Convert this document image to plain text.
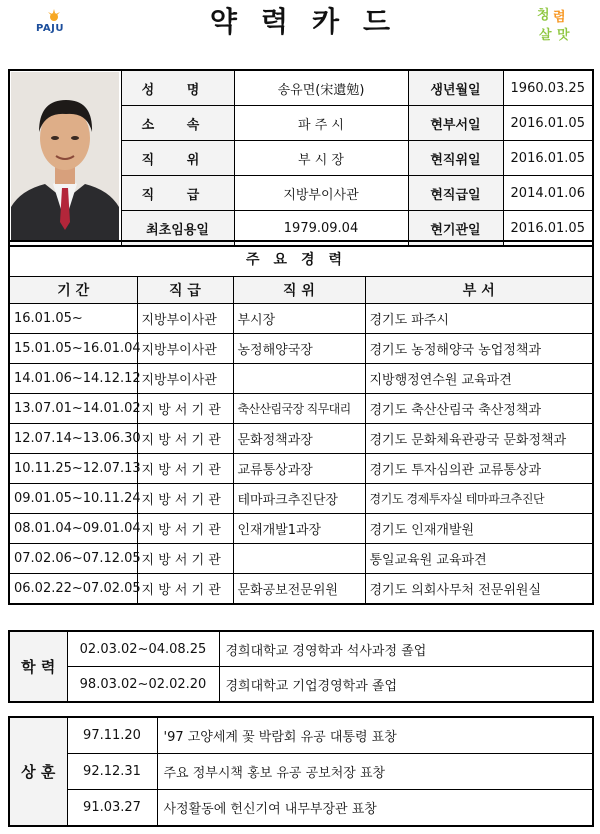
PAJU	약력카드	청 렴
살 맛
	성 명	송유면(宋遺勉)	생년월일	1960.03.25
	소 속	파 주 시	현부서일	2016.01.05
	직 위	부 시 장	현직위일	2016.01.05
	직 급	지방부이사관	현직급일	2014.01.06
	최초임용일	1979.09.04	현기관일	2016.01.05
주요경력			
기 간	직 급	직 위	부 서
16.01.05~	지방부이사관	부시장	경기도 파주시
15.01.05~16.01.04	지방부이사관	농정해양국장	경기도 농정해양국 농업정책과
14.01.06~14.12.12	지방부이사관		지방행정연수원 교육파견
13.07.01~14.01.02	지 방 서 기 관	축산산림국장 직무대리	경기도 축산산림국 축산정책과
12.07.14~13.06.30	지 방 서 기 관	문화정책과장	경기도 문화체육관광국 문화정책과
10.11.25~12.07.13	지 방 서 기 관	교류통상과장	경기도 투자심의관 교류통상과
09.01.05~10.11.24	지 방 서 기 관	테마파크추진단장	경기도 경제투자실 테마파크추진단
08.01.04~09.01.04	지 방 서 기 관	인재개발1과장	경기도 인재개발원
07.02.06~07.12.05	지 방 서 기 관		통일교육원 교육파견
06.02.22~07.02.05	지 방 서 기 관	문화공보전문위원	경기도 의회사무처 전문위원실
학 력	02.03.02~04.08.25	경희대학교 경영학과 석사과정 졸업
	98.03.02~02.02.20	경희대학교 기업경영학과 졸업
상 훈	97.11.20	'97 고양세계 꽃 박람회 유공 대통령 표창
	92.12.31	주요 정부시책 홍보 유공 공보처장 표창
	91.03.27	사정활동에 헌신기여 내무부장관 표창
